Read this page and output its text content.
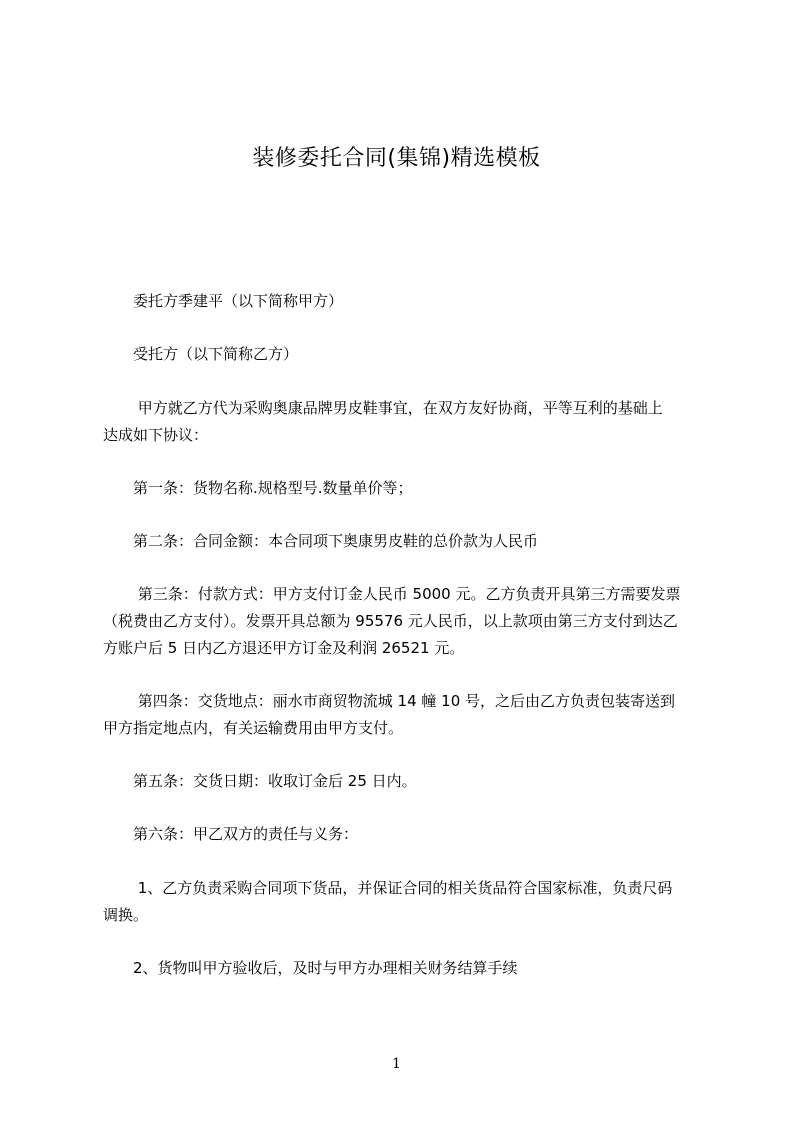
装修委托合同(集锦)精选模板
　　委托方季建平（以下简称甲方）
　　受托方（以下简称乙方）
　　 甲方就乙方代为采购奥康品牌男皮鞋事宜，在双方友好协商，平等互利的基础上
达成如下协议：
　　第一条：货物名称.规格型号.数量单价等；
　　第二条：合同金额：本合同项下奥康男皮鞋的总价款为人民币
　　 第三条：付款方式：甲方支付订金人民币 5000 元。乙方负责开具第三方需要发票
（税费由乙方支付）。发票开具总额为 95576 元人民币，以上款项由第三方支付到达乙
方账户后 5 日内乙方退还甲方订金及利润 26521 元。
　　 第四条：交货地点：丽水市商贸物流城 14 幢 10 号，之后由乙方负责包装寄送到
甲方指定地点内，有关运输费用由甲方支付。
　　第五条：交货日期：收取订金后 25 日内。
　　第六条：甲乙双方的责任与义务：
　　 1、乙方负责采购合同项下货品，并保证合同的相关货品符合国家标准，负责尺码
调换。
　　2、货物叫甲方验收后，及时与甲方办理相关财务结算手续
1
